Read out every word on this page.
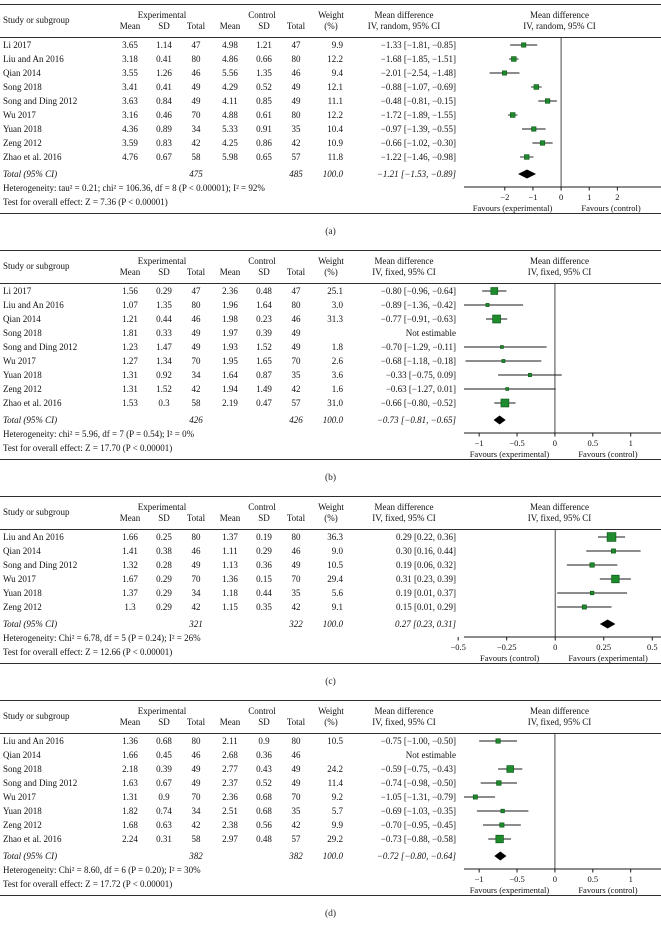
Study or subgroup
Experimental
Mean	SD	Total
Control
Mean	SD	Total
Weight
(%)
Mean difference
IV, random, 95% CI
Mean difference
IV, random, 95% CI
Li 2017	3.65	1.14	47	4.98	1.21	47	9.9	−1.33 [−1.81, −0.85]
Liu and An 2016	3.18	0.41	80	4.86	0.66	80	12.2	−1.68 [−1.85, −1.51]
Qian 2014	3.55	1.26	46	5.56	1.35	46	9.4	−2.01 [−2.54, −1.48]
Song 2018	3.41	0.41	49	4.29	0.52	49	12.1	−0.88 [−1.07, −0.69]
Song and Ding 2012	3.63	0.84	49	4.11	0.85	49	11.1	−0.48 [−0.81, −0.15]
Wu 2017	3.16	0.46	70	4.88	0.61	80	12.2	−1.72 [−1.89, −1.55]
Yuan 2018	4.36	0.89	34	5.33	0.91	35	10.4	−0.97 [−1.39, −0.55]
Zeng 2012	3.59	0.83	42	4.25	0.86	42	10.9	−0.66 [−1.02, −0.30]
Zhao et al. 2016	4.76	0.67	58	5.98	0.65	57	11.8	−1.22 [−1.46, −0.98]
Total (95% CI)	475	485	100.0	−1.21 [−1.53, −0.89]
Heterogeneity: tau² = 0.21; chi² = 106.36, df = 8 (P < 0.00001); I² = 92%
Test for overall effect: Z = 7.36 (P < 0.00001)	−2 −1	0	1	2
Favours (experimental)	Favours (control)
(a)
Study or subgroup
Experimental
Mean	SD	Total
Control
Mean	SD	Total
Weight
(%)
Mean difference
IV, fixed, 95% CI
Mean difference
IV, fixed, 95% CI
Li 2017	1.56	0.29	47	2.36	0.48	47	25.1	−0.80 [−0.96, −0.64]
Liu and An 2016	1.07	1.35	80	1.96	1.64	80	3.0	−0.89 [−1.36, −0.42]
Qian 2014	1.21	0.44	46	1.98	0.23	46	31.3	−0.77 [−0.91, −0.63]
Song 2018	1.81	0.33	49	1.97	0.39	49	Not estimable
Song and Ding 2012	1.23	1.47	49	1.93	1.52	49	1.8	−0.70 [−1.29, −0.11]
Wu 2017	1.27	1.34	70	1.95	1.65	70	2.6	−0.68 [−1.18, −0.18]
Yuan 2018	1.31	0.92	34	1.64	0.87	35	3.6	−0.33 [−0.75, 0.09]
Zeng 2012	1.31	1.52	42	1.94	1.49	42	1.6	−0.63 [−1.27, 0.01]
Zhao et al. 2016	1.53	0.3	58	2.19	0.47	57	31.0	−0.66 [−0.80, −0.52]
Total (95% CI)	426	426	100.0	−0.73 [−0.81, −0.65]
Heterogeneity: chi² = 5.96, df = 7 (P = 0.54); I² = 0%
Test for overall effect: Z = 17.70 (P < 0.00001)	−1	−0.5	0	0.5	1
Favours (experimental)	Favours (control)
(b)
Study or subgroup
Experimental
Mean	SD	Total
Control
Mean	SD	Total
Weight
(%)
Mean difference
IV, fixed, 95% CI
Mean difference
IV, fixed, 95% CI
Liu and An 2016	1.66	0.25	80	1.37	0.19	80	36.3	0.29 [0.22, 0.36]
Qian 2014	1.41	0.38	46	1.11	0.29	46	9.0	0.30 [0.16, 0.44]
Song and Ding 2012	1.32	0.28	49	1.13	0.36	49	10.5	0.19 [0.06, 0.32]
Wu 2017	1.67	0.29	70	1.36	0.15	70	29.4	0.31 [0.23, 0.39]
Yuan 2018	1.37	0.29	34	1.18	0.44	35	5.6	0.19 [0.01, 0.37]
Zeng 2012	1.3	0.29	42	1.15	0.35	42	9.1	0.15 [0.01, 0.29]
Total (95% CI)	321	322	100.0	0.27 [0.23, 0.31]
Heterogeneity: Chi² = 6.78, df = 5 (P = 0.24); I² = 26%
Test for overall effect: Z = 12.66 (P < 0.00001)	−0.5	−0.25	0	0.25	0.5
Favours (control)	Favours (experimental)
(c)
Study or subgroup
Experimental
Mean	SD	Total
Control
Mean	SD	Total
Weight
(%)
Mean difference
IV, fixed, 95% CI
Mean difference
IV, fixed, 95% CI
Liu and An 2016	1.36	0.68	80	2.11	0.9	80	10.5	−0.75 [−1.00, −0.50]
Qian 2014	1.66	0.45	46	2.68	0.36	46	Not estimable
Song 2018	2.18	0.39	49	2.77	0.43	49	24.2	−0.59 [−0.75, −0.43]
Song and Ding 2012	1.63	0.67	49	2.37	0.52	49	11.4	−0.74 [−0.98, −0.50]
Wu 2017	1.31	0.9	70	2.36	0.68	70	9.2	−1.05 [−1.31, −0.79]
Yuan 2018	1.82	0.74	34	2.51	0.68	35	5.7	−0.69 [−1.03, −0.35]
Zeng 2012	1.68	0.63	42	2.38	0.56	42	9.9	−0.70 [−0.95, −0.45]
Zhao et al. 2016	2.24	0.31	58	2.97	0.48	57	29.2	−0.73 [−0.88, −0.58]
Total (95% CI)	382	382	100.0	−0.72 [−0.80, −0.64]
Heterogeneity: Chi² = 8.60, df = 6 (P = 0.20); I² = 30%
Test for overall effect: Z = 17.72 (P < 0.00001)	−1	−0.5	0	0.5	1
Favours (experimental)	Favours (control)
(d)
